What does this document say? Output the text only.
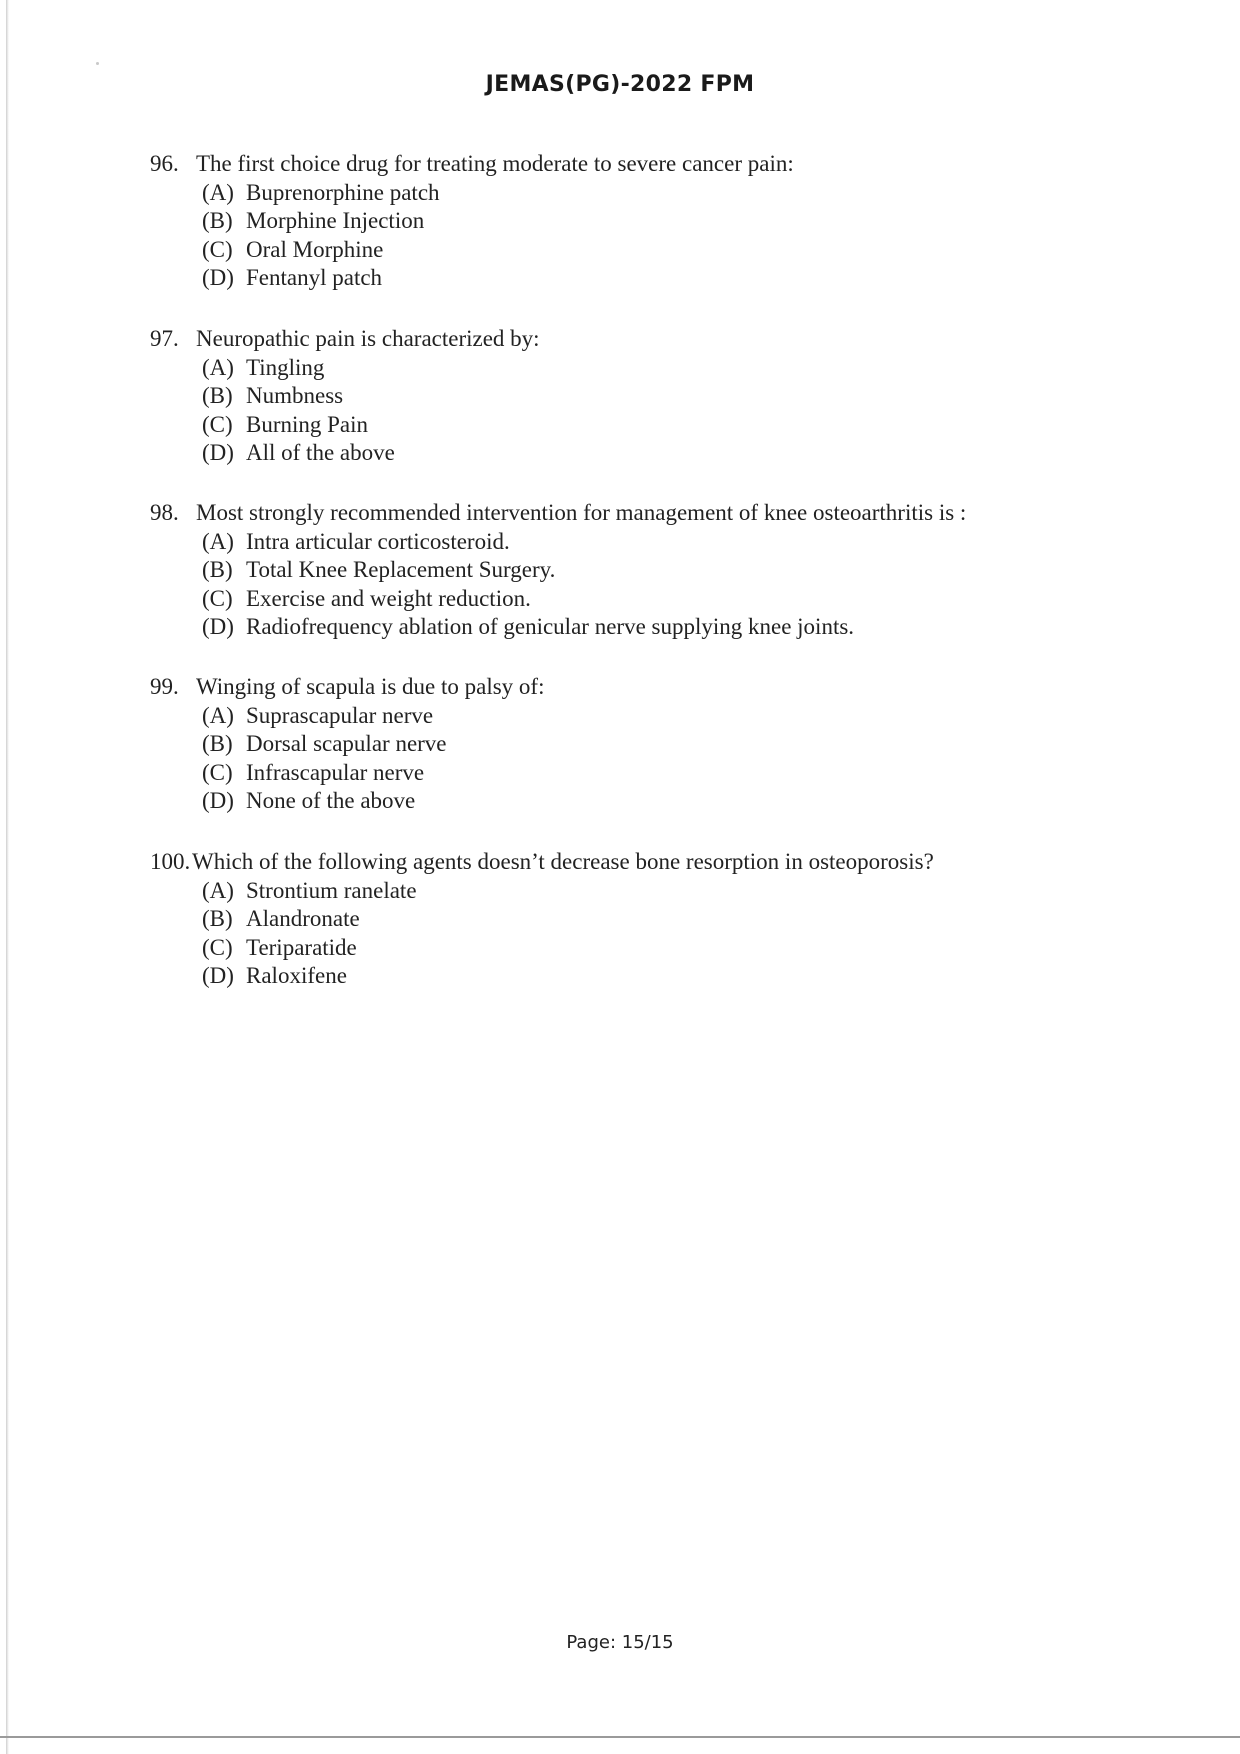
JEMAS(PG)-2022 FPM
96. The first choice drug for treating moderate to severe cancer pain:
(A) Buprenorphine patch
(B) Morphine Injection
(C) Oral Morphine
(D) Fentanyl patch
97. Neuropathic pain is characterized by:
(A) Tingling
(B) Numbness
(C) Burning Pain
(D) All of the above
98. Most strongly recommended intervention for management of knee osteoarthritis is :
(A) Intra articular corticosteroid.
(B) Total Knee Replacement Surgery.
(C) Exercise and weight reduction.
(D) Radiofrequency ablation of genicular nerve supplying knee joints.
99. Winging of scapula is due to palsy of:
(A) Suprascapular nerve
(B) Dorsal scapular nerve
(C) Infrascapular nerve
(D) None of the above
100. Which of the following agents doesn’t decrease bone resorption in osteoporosis?
(A) Strontium ranelate
(B) Alandronate
(C) Teriparatide
(D) Raloxifene
Page: 15/15
